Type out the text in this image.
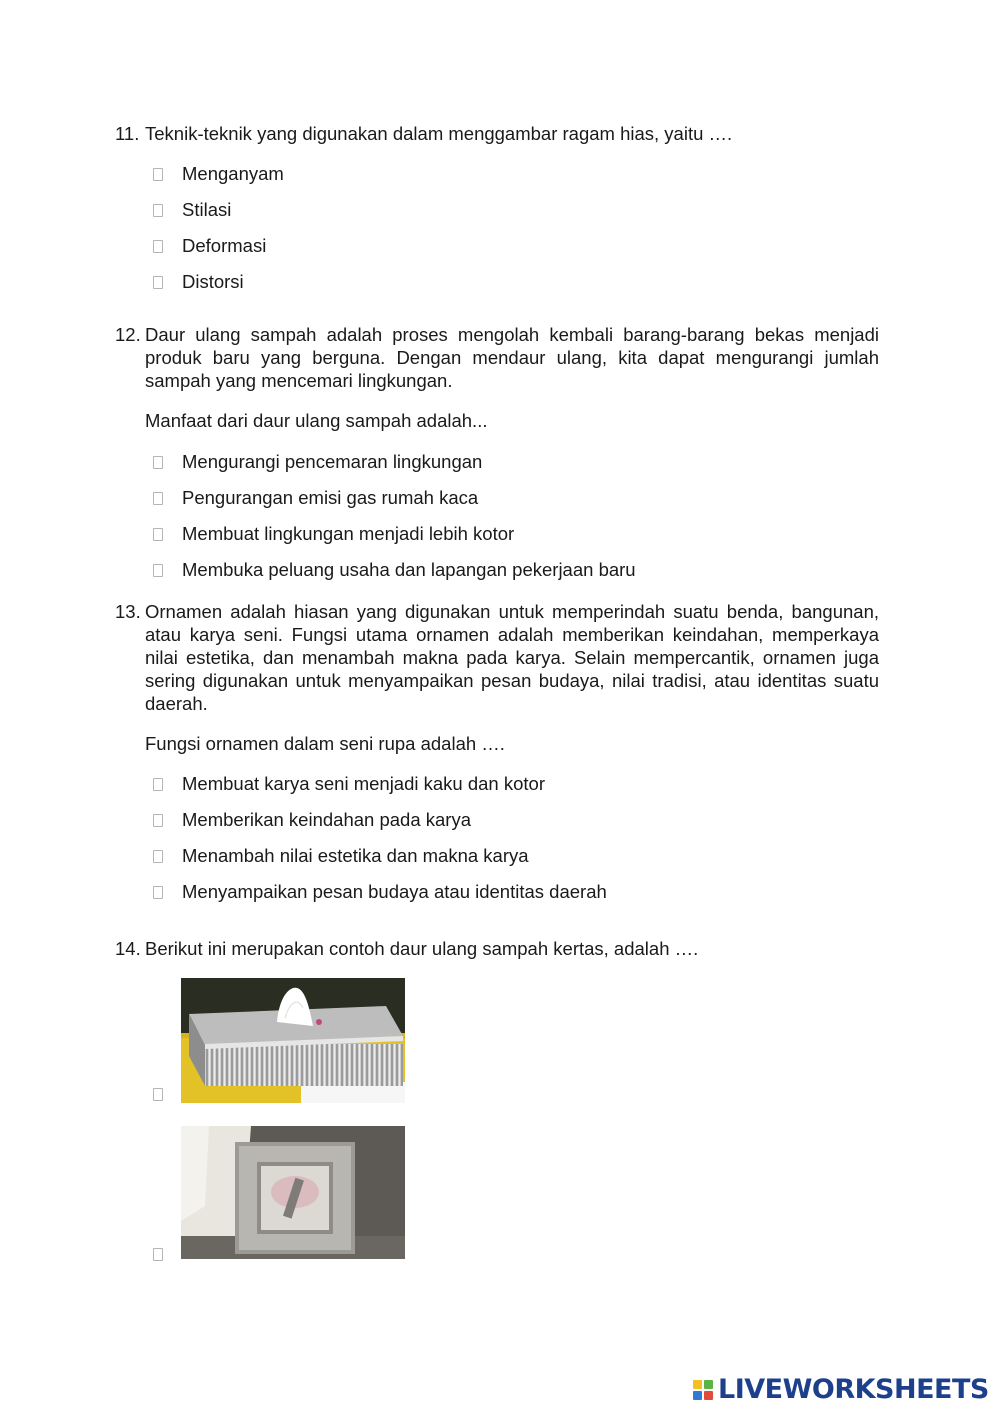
11. Teknik-teknik yang digunakan dalam menggambar ragam hias, yaitu ….
Menganyam
Stilasi
Deformasi
Distorsi
12. Daur ulang sampah adalah proses mengolah kembali barang-barang bekas menjadi produk baru yang berguna. Dengan mendaur ulang, kita dapat mengurangi jumlah sampah yang mencemari lingkungan.
Manfaat dari daur ulang sampah adalah...
Mengurangi pencemaran lingkungan
Pengurangan emisi gas rumah kaca
Membuat lingkungan menjadi lebih kotor
Membuka peluang usaha dan lapangan pekerjaan baru
13. Ornamen adalah hiasan yang digunakan untuk memperindah suatu benda, bangunan, atau karya seni. Fungsi utama ornamen adalah memberikan keindahan, memperkaya nilai estetika, dan menambah makna pada karya. Selain mempercantik, ornamen juga sering digunakan untuk menyampaikan pesan budaya, nilai tradisi, atau identitas suatu daerah.
Fungsi ornamen dalam seni rupa adalah ….
Membuat karya seni menjadi kaku dan kotor
Memberikan keindahan pada karya
Menambah nilai estetika dan makna karya
Menyampaikan pesan budaya atau identitas daerah
14. Berikut ini merupakan contoh daur ulang sampah kertas, adalah ….
LIVEWORKSHEETS
